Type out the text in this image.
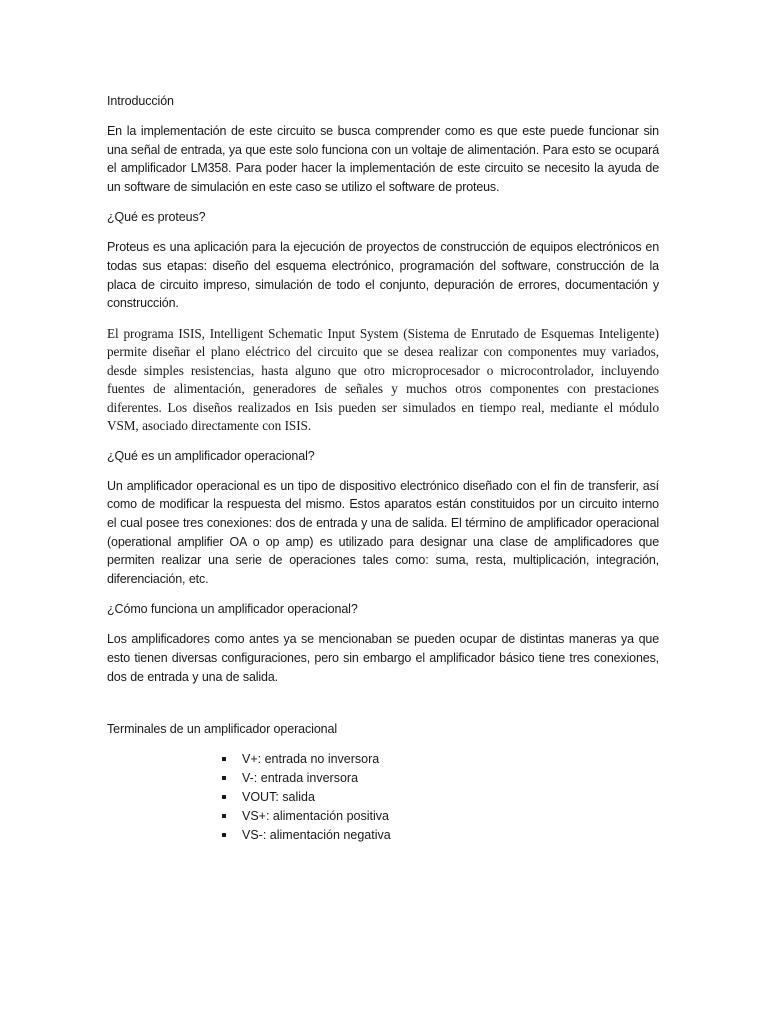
Introducción

En la implementación de este circuito se busca comprender como es que este puede funcionar sin una señal de entrada, ya que este solo funciona con un voltaje de alimentación. Para esto se ocupará el amplificador LM358. Para poder hacer la implementación de este circuito se necesito la ayuda de un software de simulación en este caso se utilizo el software de proteus.

¿Qué es proteus?

Proteus es una aplicación para la ejecución de proyectos de construcción de equipos electrónicos en todas sus etapas: diseño del esquema electrónico, programación del software, construcción de la placa de circuito impreso, simulación de todo el conjunto, depuración de errores, documentación y construcción.

El programa ISIS, Intelligent Schematic Input System (Sistema de Enrutado de Esquemas Inteligente) permite diseñar el plano eléctrico del circuito que se desea realizar con componentes muy variados, desde simples resistencias, hasta alguno que otro microprocesador o microcontrolador, incluyendo fuentes de alimentación, generadores de señales y muchos otros componentes con prestaciones diferentes. Los diseños realizados en Isis pueden ser simulados en tiempo real, mediante el módulo VSM, asociado directamente con ISIS.

¿Qué es un amplificador operacional?

Un amplificador operacional es un tipo de dispositivo electrónico diseñado con el fin de transferir, así como de modificar la respuesta del mismo. Estos aparatos están constituidos por un circuito interno el cual posee tres conexiones: dos de entrada y una de salida. El término de amplificador operacional (operational amplifier OA o op amp) es utilizado para designar una clase de amplificadores que permiten realizar una serie de operaciones tales como: suma, resta, multiplicación, integración, diferenciación, etc.

¿Cómo funciona un amplificador operacional?

Los amplificadores como antes ya se mencionaban se pueden ocupar de distintas maneras ya que esto tienen diversas configuraciones, pero sin embargo el amplificador básico tiene tres conexiones, dos de entrada y una de salida.

Terminales de un amplificador operacional

V+: entrada no inversora
V-: entrada inversora
VOUT: salida
VS+: alimentación positiva
VS-: alimentación negativa
